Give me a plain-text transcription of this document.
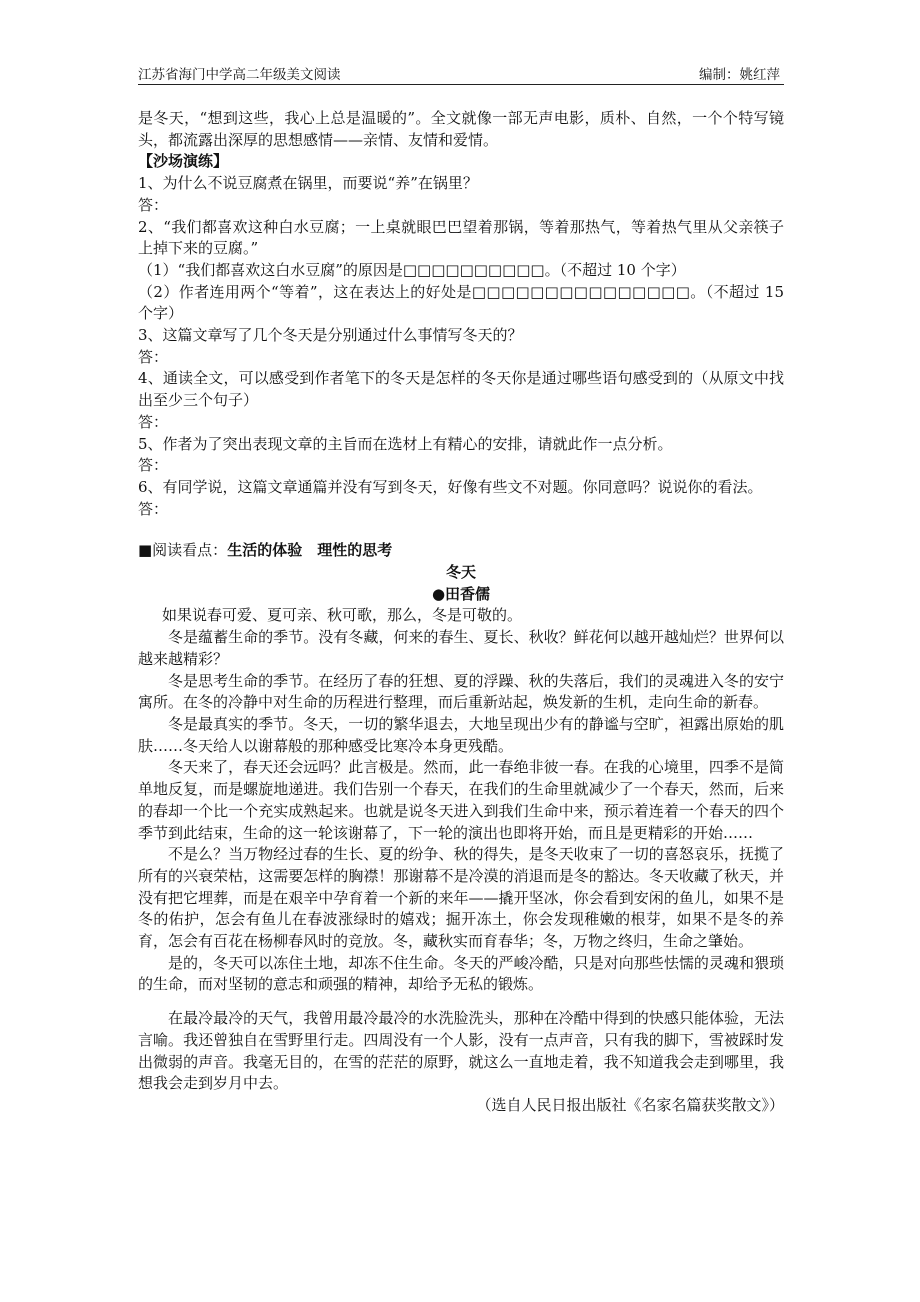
江苏省海门中学高二年级美文阅读	编制：姚红萍

是冬天，“想到这些，我心上总是温暖的”。全文就像一部无声电影，质朴、自然，一个个特写镜头，都流露出深厚的思想感情——亲情、友情和爱情。

【沙场演练】

1、为什么不说豆腐煮在锅里，而要说“养”在锅里？

答：

2、“我们都喜欢这种白水豆腐；一上桌就眼巴巴望着那锅，等着那热气，等着热气里从父亲筷子上掉下来的豆腐。”

（1）“我们都喜欢这白水豆腐”的原因是□□□□□□□□□□。（不超过 10 个字）

（2）作者连用两个“等着”，这在表达上的好处是□□□□□□□□□□□□□□□。（不超过 15 个字）

3、这篇文章写了几个冬天是分别通过什么事情写冬天的？

答：

4、通读全文，可以感受到作者笔下的冬天是怎样的冬天你是通过哪些语句感受到的（从原文中找出至少三个句子）

答：

5、作者为了突出表现文章的主旨而在选材上有精心的安排，请就此作一点分析。

答：

6、有同学说，这篇文章通篇并没有写到冬天，好像有些文不对题。你同意吗？说说你的看法。

答：

■阅读看点：生活的体验　理性的思考

冬天

●田香儒

如果说春可爱、夏可亲、秋可歌，那么，冬是可敬的。

冬是蕴蓄生命的季节。没有冬藏，何来的春生、夏长、秋收？鲜花何以越开越灿烂？世界何以越来越精彩？

冬是思考生命的季节。在经历了春的狂想、夏的浮躁、秋的失落后，我们的灵魂进入冬的安宁寓所。在冬的冷静中对生命的历程进行整理，而后重新站起，焕发新的生机，走向生命的新春。

冬是最真实的季节。冬天，一切的繁华退去，大地呈现出少有的静谧与空旷，袒露出原始的肌肤……冬天给人以谢幕般的那种感受比寒冷本身更残酷。

冬天来了，春天还会远吗？此言极是。然而，此一春绝非彼一春。在我的心境里，四季不是简单地反复，而是螺旋地递进。我们告别一个春天，在我们的生命里就减少了一个春天，然而，后来的春却一个比一个充实成熟起来。也就是说冬天进入到我们生命中来，预示着连着一个春天的四个季节到此结束，生命的这一轮该谢幕了，下一轮的演出也即将开始，而且是更精彩的开始……

不是么？当万物经过春的生长、夏的纷争、秋的得失，是冬天收束了一切的喜怒哀乐，抚揽了所有的兴衰荣枯，这需要怎样的胸襟！那谢幕不是冷漠的消退而是冬的豁达。冬天收藏了秋天，并没有把它埋葬，而是在艰辛中孕育着一个新的来年——撬开坚冰，你会看到安闲的鱼儿，如果不是冬的佑护，怎会有鱼儿在春波涨绿时的嬉戏；掘开冻土，你会发现稚嫩的根芽，如果不是冬的养育，怎会有百花在杨柳春风时的竞放。冬，藏秋实而育春华；冬，万物之终归，生命之肇始。

是的，冬天可以冻住土地，却冻不住生命。冬天的严峻冷酷，只是对向那些怯懦的灵魂和猥琐的生命，而对坚韧的意志和顽强的精神，却给予无私的锻炼。

在最冷最冷的天气，我曾用最冷最冷的水洗脸洗头，那种在冷酷中得到的快感只能体验，无法言喻。我还曾独自在雪野里行走。四周没有一个人影，没有一点声音，只有我的脚下，雪被踩时发出微弱的声音。我毫无目的，在雪的茫茫的原野，就这么一直地走着，我不知道我会走到哪里，我想我会走到岁月中去。

（选自人民日报出版社《名家名篇获奖散文》）
